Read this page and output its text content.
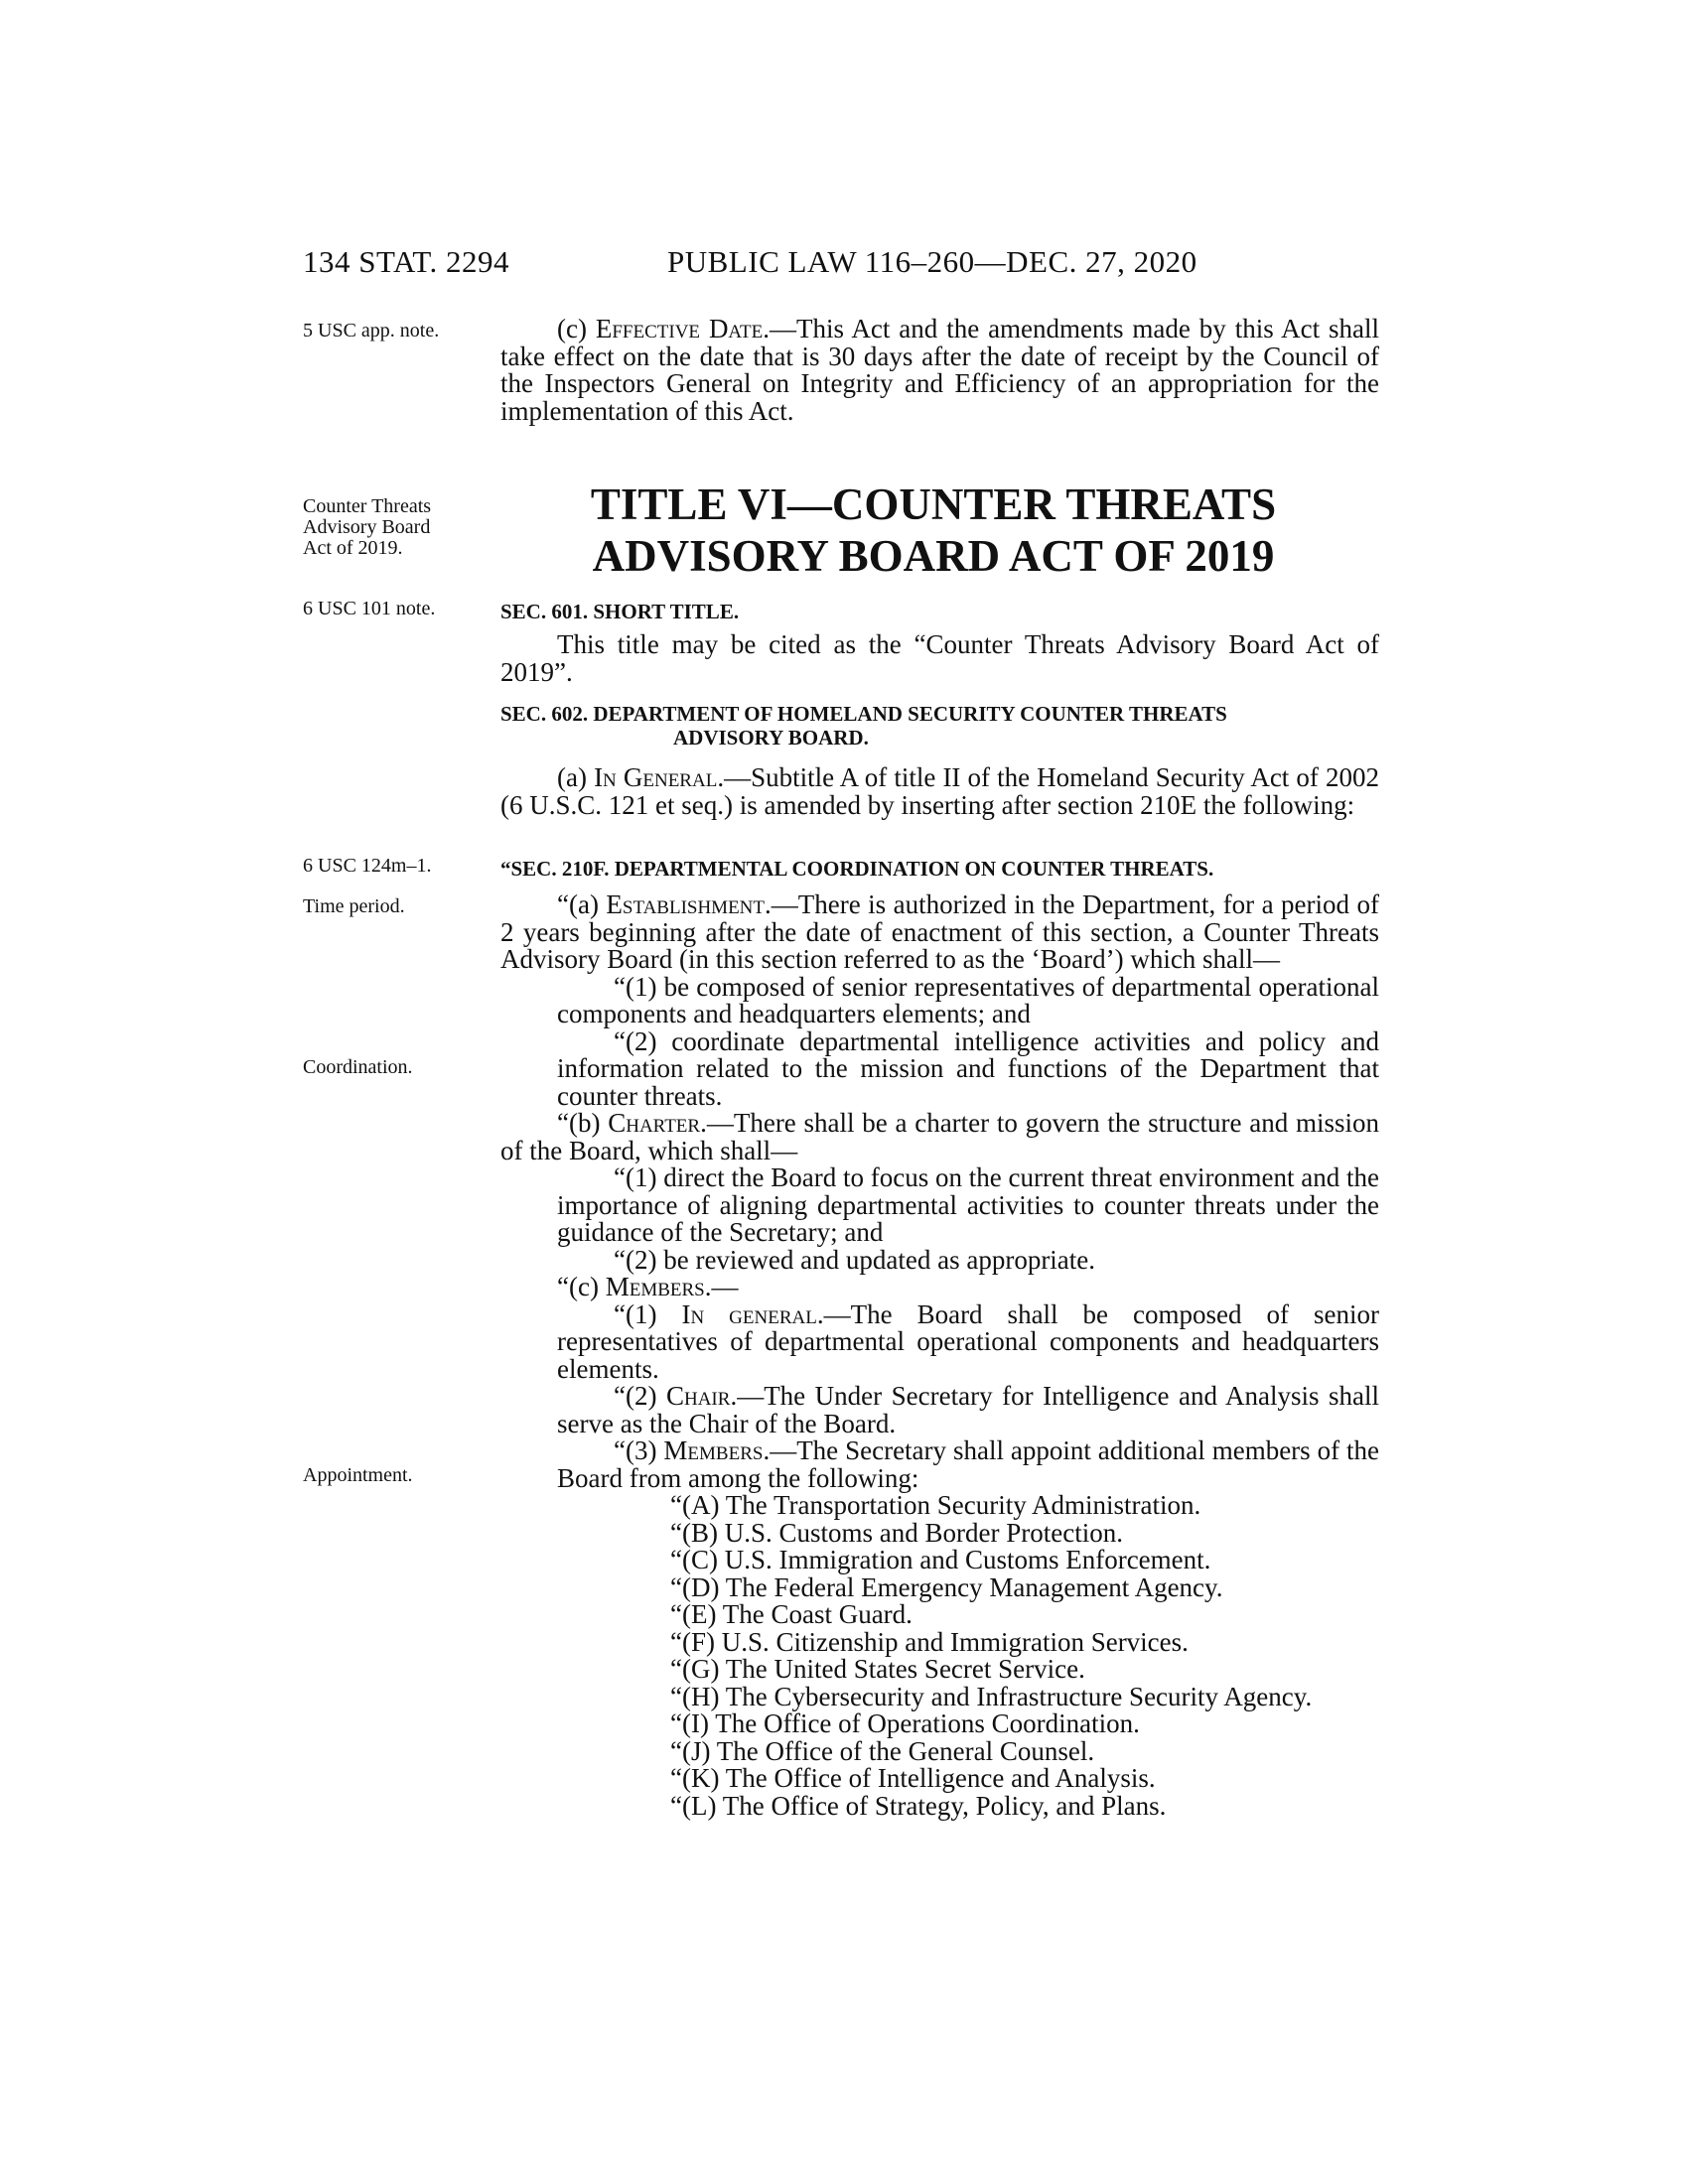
134 STAT. 2294	PUBLIC LAW 116–260—DEC. 27, 2020
5 USC app. note.
Counter Threats
Advisory Board
Act of 2019.
6 USC 101 note.
6 USC 124m–1.
Time period.
Coordination.
Appointment.

(c) Effective Date.—This Act and the amendments made by this Act shall take effect on the date that is 30 days after the date of receipt by the Council of the Inspectors General on Integrity and Efficiency of an appropriation for the implementation of this Act.

TITLE VI—COUNTER THREATS
ADVISORY BOARD ACT OF 2019
SEC. 601. SHORT TITLE.

This title may be cited as the “Counter Threats Advisory Board Act of 2019”.

SEC. 602. DEPARTMENT OF HOMELAND SECURITY COUNTER THREATS
ADVISORY BOARD.

(a) In General.—Subtitle A of title II of the Homeland Security Act of 2002 (6 U.S.C. 121 et seq.) is amended by inserting after section 210E the following:

“SEC. 210F. DEPARTMENTAL COORDINATION ON COUNTER THREATS.

“(a) Establishment.—There is authorized in the Department, for a period of 2 years beginning after the date of enactment of this section, a Counter Threats Advisory Board (in this section referred to as the ‘Board’) which shall—

“(1) be composed of senior representatives of departmental operational components and headquarters elements; and

“(2) coordinate departmental intelligence activities and policy and information related to the mission and functions of the Department that counter threats.

“(b) Charter.—There shall be a charter to govern the structure and mission of the Board, which shall—

“(1) direct the Board to focus on the current threat environment and the importance of aligning departmental activities to counter threats under the guidance of the Secretary; and

“(2) be reviewed and updated as appropriate.

“(c) Members.—

“(1) In general.—The Board shall be composed of senior representatives of departmental operational components and headquarters elements.

“(2) Chair.—The Under Secretary for Intelligence and Analysis shall serve as the Chair of the Board.

“(3) Members.—The Secretary shall appoint additional members of the Board from among the following:

“(A) The Transportation Security Administration.

“(B) U.S. Customs and Border Protection.

“(C) U.S. Immigration and Customs Enforcement.

“(D) The Federal Emergency Management Agency.

“(E) The Coast Guard.

“(F) U.S. Citizenship and Immigration Services.

“(G) The United States Secret Service.

“(H) The Cybersecurity and Infrastructure Security Agency.

“(I) The Office of Operations Coordination.

“(J) The Office of the General Counsel.

“(K) The Office of Intelligence and Analysis.

“(L) The Office of Strategy, Policy, and Plans.
